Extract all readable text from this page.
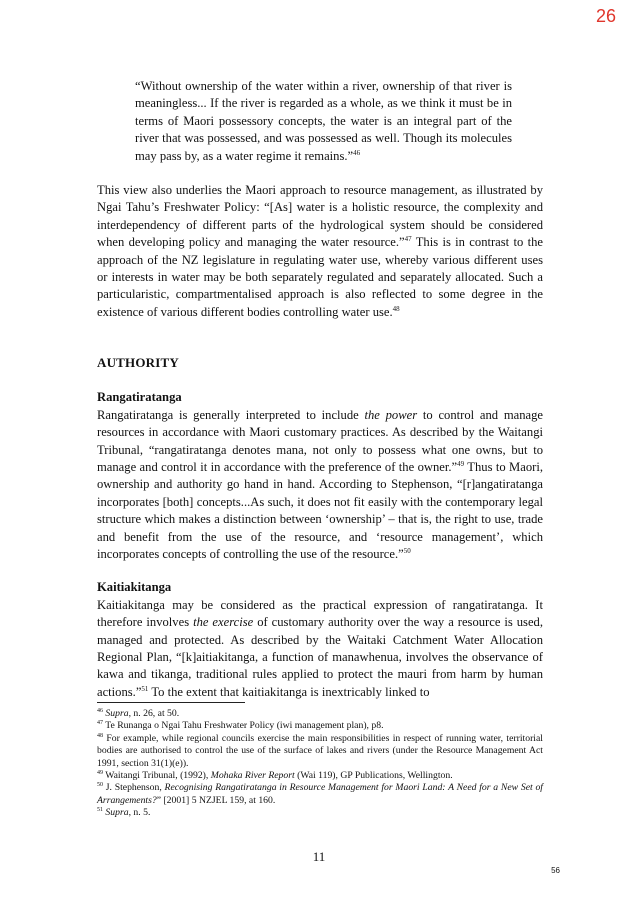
26
“Without ownership of the water within a river, ownership of that river is meaningless... If the river is regarded as a whole, as we think it must be in terms of Maori possessory concepts, the water is an integral part of the river that was possessed, and was possessed as well. Though its molecules may pass by, as a water regime it remains.”$^{46}$

This view also underlies the Maori approach to resource management, as illustrated by Ngai Tahu’s Freshwater Policy: “[As] water is a holistic resource, the complexity and interdependency of different parts of the hydrological system should be considered when developing policy and managing the water resource.”$^{47}$ This is in contrast to the approach of the NZ legislature in regulating water use, whereby various different uses or interests in water may be both separately regulated and separately allocated. Such a particularistic, compartmentalised approach is also reflected to some degree in the existence of various different bodies controlling water use.$^{48}$

AUTHORITY
Rangatiratanga

Rangatiratanga is generally interpreted to include the power to control and manage resources in accordance with Maori customary practices. As described by the Waitangi Tribunal, “rangatiratanga denotes mana, not only to possess what one owns, but to manage and control it in accordance with the preference of the owner.”$^{49}$ Thus to Maori, ownership and authority go hand in hand. According to Stephenson, “[r]angatiratanga incorporates [both] concepts...As such, it does not fit easily with the contemporary legal structure which makes a distinction between ‘ownership’ – that is, the right to use, trade and benefit from the use of the resource, and ‘resource management’, which incorporates concepts of controlling the use of the resource.”$^{50}$

Kaitiakitanga

Kaitiakitanga may be considered as the practical expression of rangatiratanga. It therefore involves the exercise of customary authority over the way a resource is used, managed and protected. As described by the Waitaki Catchment Water Allocation Regional Plan, “[k]aitiakitanga, a function of manawhenua, involves the observance of kawa and tikanga, traditional rules applied to protect the mauri from harm by human actions.”$^{51}$ To the extent that kaitiakitanga is inextricably linked to

$^{46}$ Supra, n. 26, at 50.

$^{47}$ Te Runanga o Ngai Tahu Freshwater Policy (iwi management plan), p8.

$^{48}$ For example, while regional councils exercise the main responsibilities in respect of running water, territorial bodies are authorised to control the use of the surface of lakes and rivers (under the Resource Management Act 1991, section 31(1)(e)).

$^{49}$ Waitangi Tribunal, (1992), Mohaka River Report (Wai 119), GP Publications, Wellington.

$^{50}$ J. Stephenson, Recognising Rangatiratanga in Resource Management for Maori Land: A Need for a New Set of Arrangements?” [2001] 5 NZJEL 159, at 160.

$^{51}$ Supra, n. 5.

11
56
